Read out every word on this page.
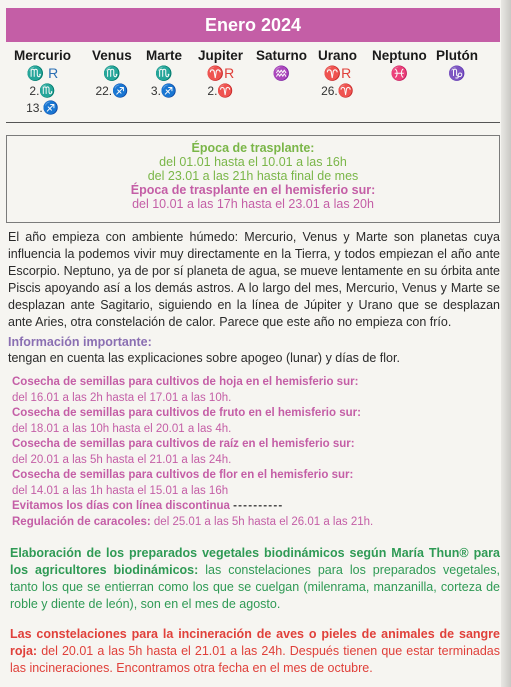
Enero 2024
Mercurio
♏ R
2.♏
13.♐
Venus
♏
22.♐
Marte
♏
3.♐
Jupiter
♈R
2.♈
Saturno
♒
Urano
♈R
26.♈
Neptuno
♓
Plutón
♑
Época de trasplante:
del 01.01 hasta el 10.01 a las 16h
del 23.01 a las 21h hasta final de mes
Época de trasplante en el hemisferio sur:
del 10.01 a las 17h hasta el 23.01 a las 20h
El año empieza con ambiente húmedo: Mercurio, Venus y Marte son planetas cuya influencia la podemos vivir muy directamente en la Tierra, y todos empiezan el año ante Escorpio. Neptuno, ya de por sí planeta de agua, se mueve lentamente en su órbita ante Piscis apoyando así a los demás astros. A lo largo del mes, Mercurio, Venus y Marte se desplazan ante Sagitario, siguiendo en la línea de Júpiter y Urano que se desplazan ante Aries, otra constelación de calor. Parece que este año no empieza con frío.
Información importante:
tengan en cuenta las explicaciones sobre apogeo (lunar) y días de flor.
Cosecha de semillas para cultivos de hoja en el hemisferio sur:
del 16.01 a las 2h hasta el 17.01 a las 10h.
Cosecha de semillas para cultivos de fruto en el hemisferio sur:
del 18.01 a las 10h hasta el 20.01 a las 4h.
Cosecha de semillas para cultivos de raíz en el hemisferio sur:
del 20.01 a las 5h hasta el 21.01 a las 24h.
Cosecha de semillas para cultivos de flor en el hemisferio sur:
del 14.01 a las 1h hasta el 15.01 a las 16h
Evitamos los días con línea discontinua - - - - - - - - - -
Regulación de caracoles: del 25.01 a las 5h hasta el 26.01 a las 21h.
Elaboración de los preparados vegetales biodinámicos según María Thun® para los agricultores biodinámicos: las constelaciones para los preparados vegetales, tanto los que se entierran como los que se cuelgan (milenrama, manzanilla, corteza de roble y diente de león), son en el mes de agosto.
Las constelaciones para la incineración de aves o pieles de animales de sangre roja: del 20.01 a las 5h hasta el 21.01 a las 24h. Después tienen que estar terminadas las incineraciones. Encontramos otra fecha en el mes de octubre.
